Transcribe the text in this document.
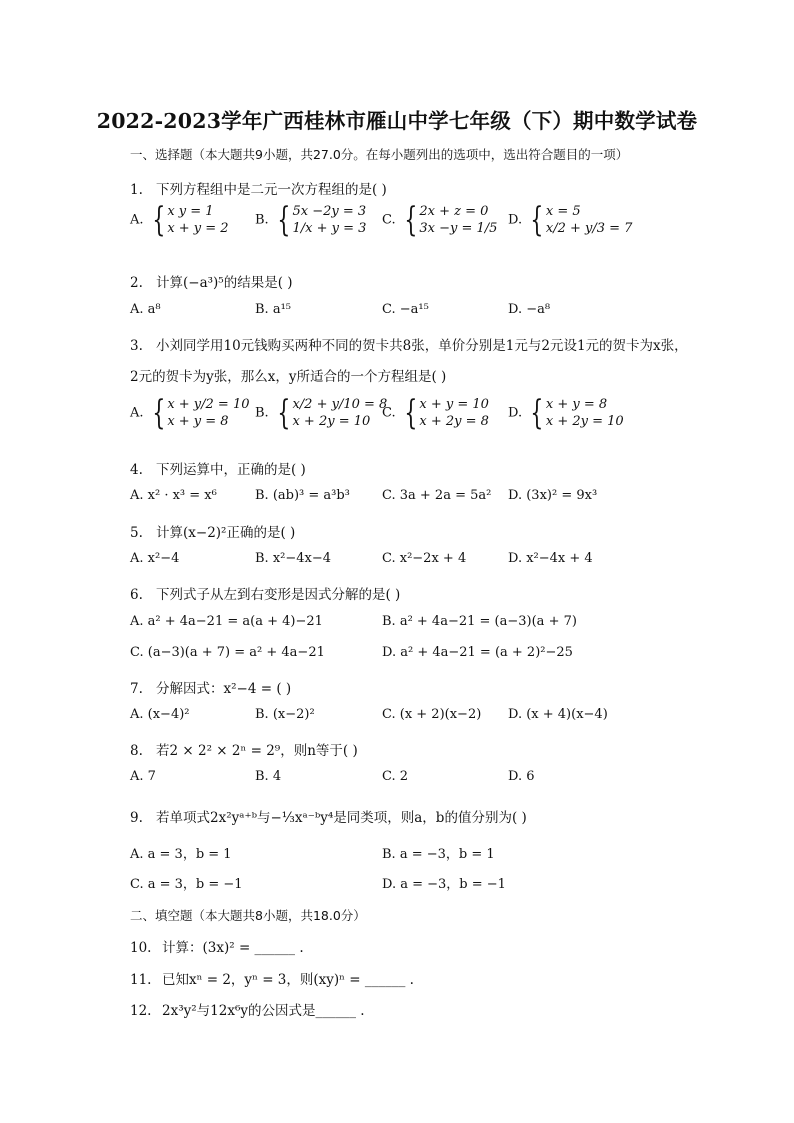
2022-2023学年广西桂林市雁山中学七年级（下）期中数学试卷
一、选择题（本大题共9小题，共27.0分。在每小题列出的选项中，选出符合题目的一项）
1. 下列方程组中是二元一次方程组的是( )
A. { x y = 1
x + y = 2
B. { 5x −2y = 3
1/x + y = 3
C. { 2x + z = 0
3x −y = 1/5
D. { x = 5
x/2 + y/3 = 7
2. 计算(−a³)⁵的结果是( )
A. a⁸	B. a¹⁵	C. −a¹⁵	D. −a⁸
3. 小刘同学用10元钱购买两种不同的贺卡共8张，单价分别是1元与2元设1元的贺卡为x张，
2元的贺卡为y张，那么x，y所适合的一个方程组是( )
A. { x + y/2 = 10
x + y = 8
B. { x/2 + y/10 = 8
x + 2y = 10
C. { x + y = 10
x + 2y = 8
D. { x + y = 8
x + 2y = 10
4. 下列运算中，正确的是( )
A. x² · x³ = x⁶	B. (ab)³ = a³b³ C. 3a + 2a = 5a² D. (3x)² = 9x³
5. 计算(x−2)²正确的是( )
A. x²−4	B. x²−4x−4	C. x²−2x + 4	D. x²−4x + 4
6. 下列式子从左到右变形是因式分解的是( )
A. a² + 4a−21 = a(a + 4)−21	B. a² + 4a−21 = (a−3)(a + 7)
C. (a−3)(a + 7) = a² + 4a−21	D. a² + 4a−21 = (a + 2)²−25
7. 分解因式：x²−4 = ( )
A. (x−4)²	B. (x−2)²	C. (x + 2)(x−2) D. (x + 4)(x−4)
8. 若2 × 2² × 2ⁿ = 2⁹，则n等于( )
A. 7	B. 4	C. 2	D. 6
9. 若单项式2x²yᵃ⁺ᵇ与−⅓xᵃ⁻ᵇy⁴是同类项，则a，b的值分别为( )
A. a = 3，b = 1	B. a = −3，b = 1
C. a = 3，b = −1	D. a = −3，b = −1
二、填空题（本大题共8小题，共18.0分）
10. 计算：(3x)² = ______ .
11. 已知xⁿ = 2，yⁿ = 3，则(xy)ⁿ = ______ .
12. 2x³y²与12x⁶y的公因式是______ .
